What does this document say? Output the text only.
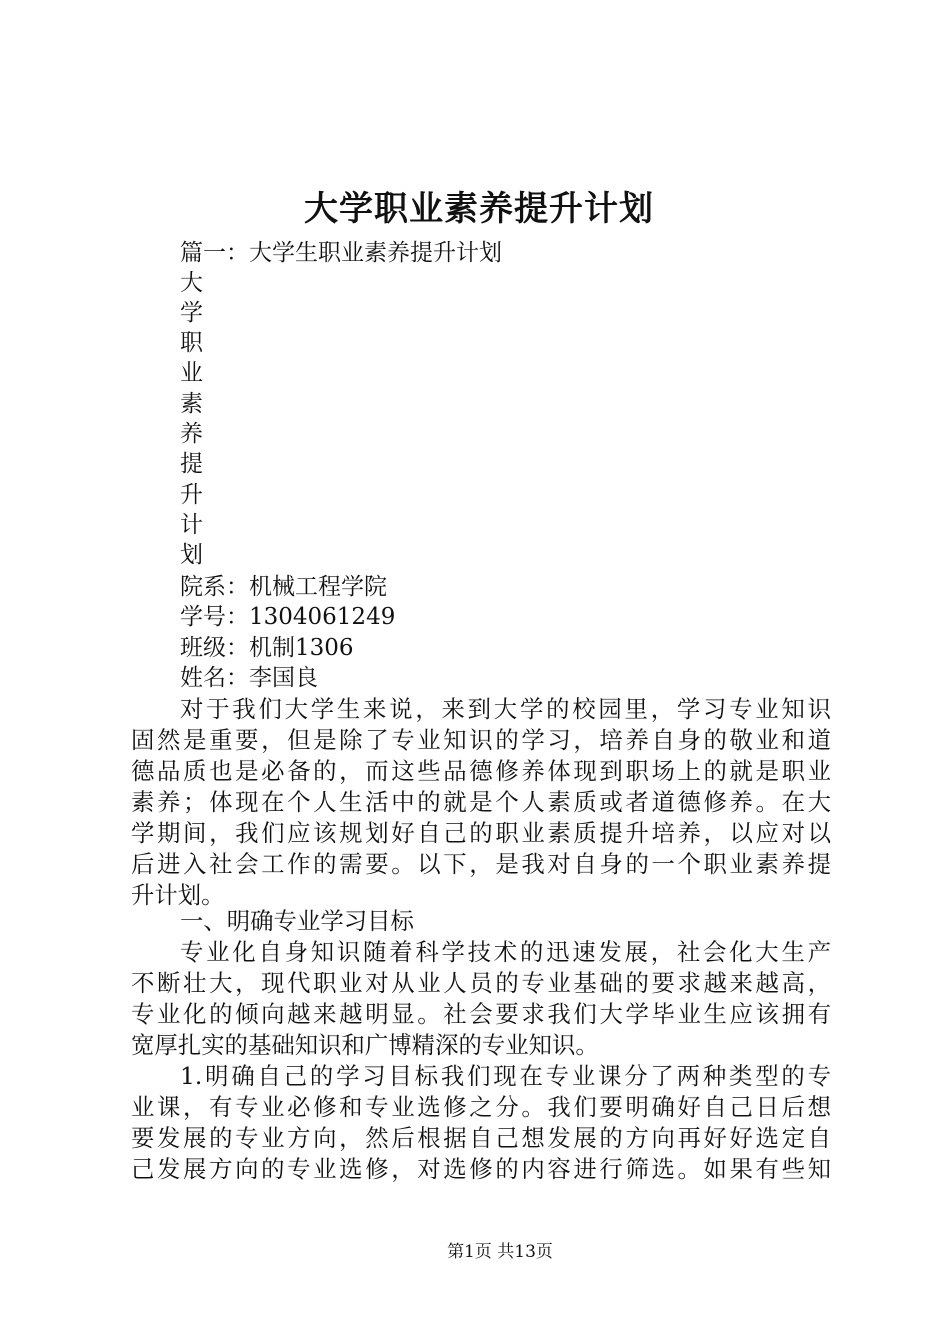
大学职业素养提升计划
篇一：大学生职业素养提升计划
大
学
职
业
素
养
提
升
计
划
院系：机械工程学院
学号：1304061249
班级：机制1306
姓名：李国良
对于我们大学生来说，来到大学的校园里，学习专业知识
固然是重要，但是除了专业知识的学习，培养自身的敬业和道
德品质也是必备的，而这些品德修养体现到职场上的就是职业
素养；体现在个人生活中的就是个人素质或者道德修养。在大
学期间，我们应该规划好自己的职业素质提升培养，以应对以
后进入社会工作的需要。以下，是我对自身的一个职业素养提
升计划。
一、明确专业学习目标
专业化自身知识随着科学技术的迅速发展，社会化大生产
不断壮大，现代职业对从业人员的专业基础的要求越来越高，
专业化的倾向越来越明显。社会要求我们大学毕业生应该拥有
宽厚扎实的基础知识和广博精深的专业知识。
1.明确自己的学习目标我们现在专业课分了两种类型的专
业课，有专业必修和专业选修之分。我们要明确好自己日后想
要发展的专业方向，然后根据自己想发展的方向再好好选定自
己发展方向的专业选修，对选修的内容进行筛选。如果有些知
第1页 共13页
